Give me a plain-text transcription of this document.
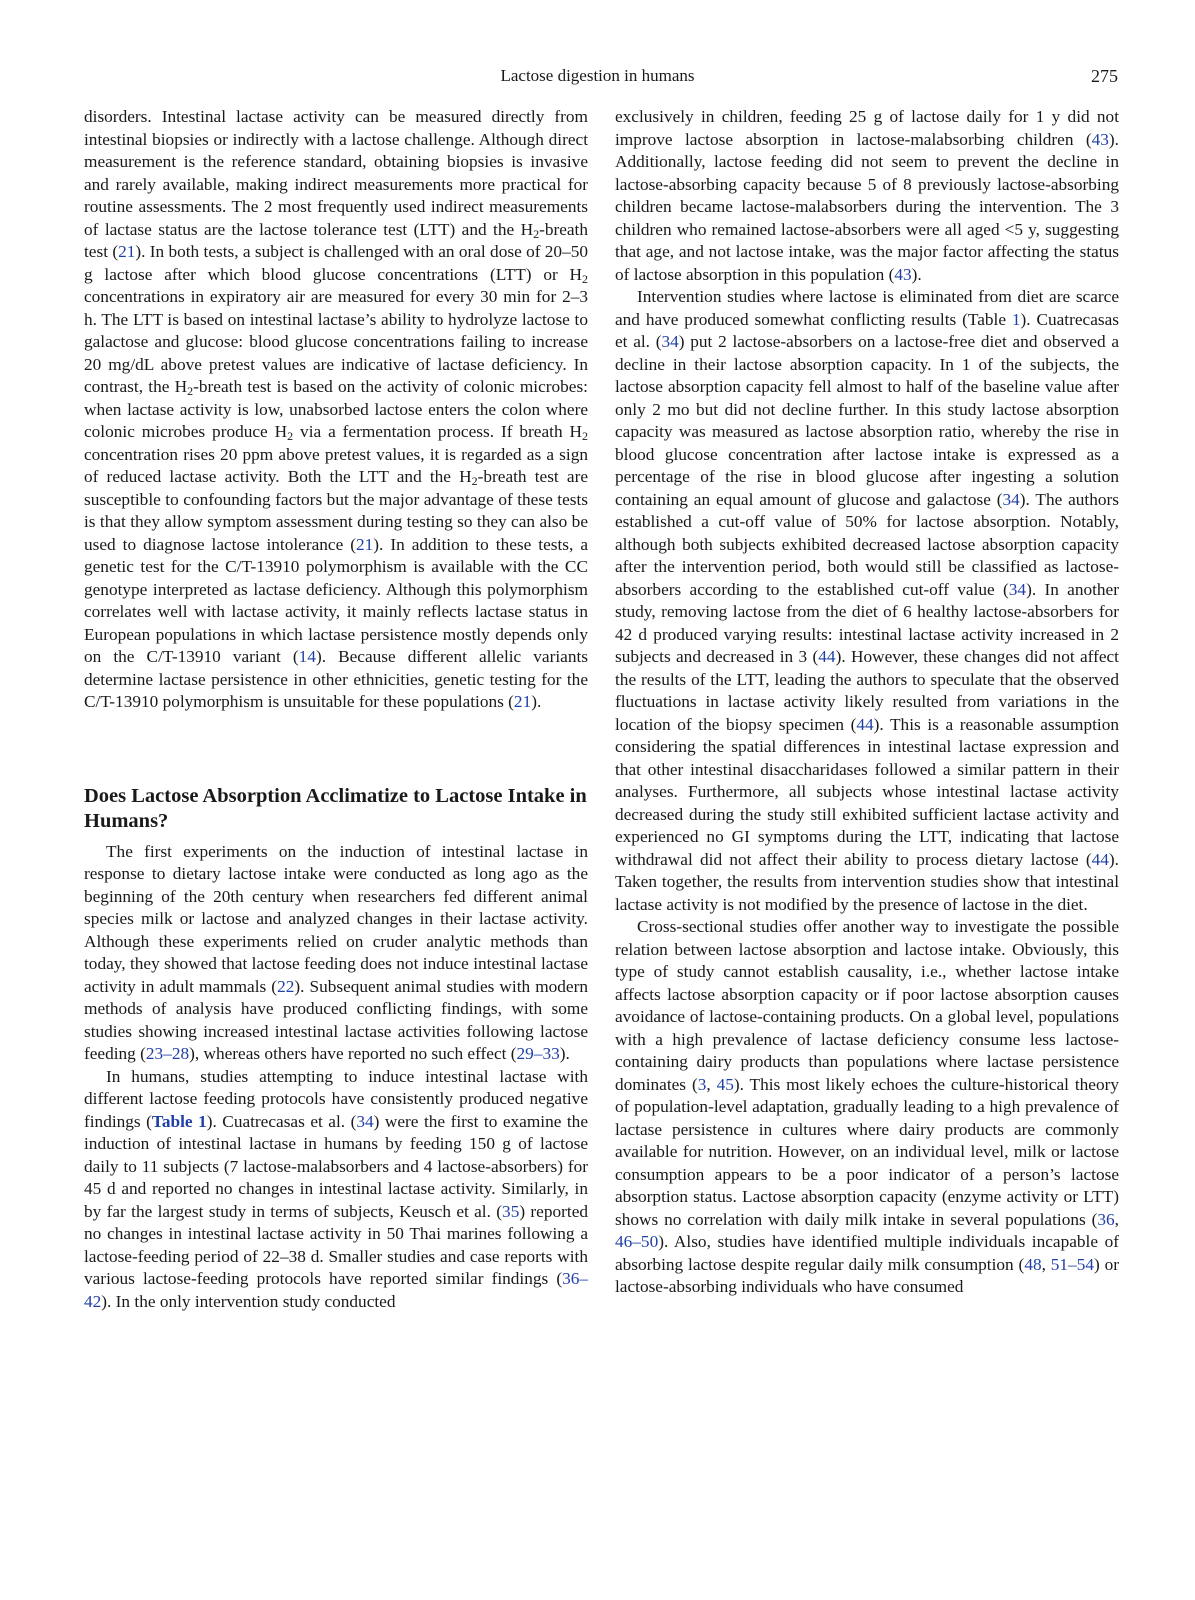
Lactose digestion in humans	275

disorders. Intestinal lactase activity can be measured directly from intestinal biopsies or indirectly with a lactose challenge. Although direct measurement is the reference standard, obtaining biopsies is invasive and rarely available, making indirect measurements more practical for routine assessments. The 2 most frequently used indirect measurements of lactase status are the lactose tolerance test (LTT) and the $H_2$-breath test (21). In both tests, a subject is challenged with an oral dose of 20–50 g lactose after which blood glucose concentrations (LTT) or $H_2$ concentrations in expiratory air are measured for every 30 min for 2–3 h. The LTT is based on intestinal lactase’s ability to hydrolyze lactose to galactose and glucose: blood glucose concentrations failing to increase 20 mg/dL above pretest values are indicative of lactase deficiency. In contrast, the $H_2$-breath test is based on the activity of colonic microbes: when lactase activity is low, unabsorbed lactose enters the colon where colonic microbes produce $H_2$ via a fermentation process. If breath $H_2$ concentration rises 20 ppm above pretest values, it is regarded as a sign of reduced lactase activity. Both the LTT and the $H_2$-breath test are susceptible to confounding factors but the major advantage of these tests is that they allow symptom assessment during testing so they can also be used to diagnose lactose intolerance (21). In addition to these tests, a genetic test for the C/T-13910 polymorphism is available with the CC genotype interpreted as lactase deficiency. Although this polymorphism correlates well with lactase activity, it mainly reflects lactase status in European populations in which lactase persistence mostly depends only on the C/T-13910 variant (14). Because different allelic variants determine lactase persistence in other ethnicities, genetic testing for the C/T-13910 polymorphism is unsuitable for these populations (21).

Does Lactose Absorption Acclimatize to Lactose Intake in Humans?

The first experiments on the induction of intestinal lactase in response to dietary lactose intake were conducted as long ago as the beginning of the 20th century when researchers fed different animal species milk or lactose and analyzed changes in their lactase activity. Although these experiments relied on cruder analytic methods than today, they showed that lactose feeding does not induce intestinal lactase activity in adult mammals (22). Subsequent animal studies with modern methods of analysis have produced conflicting findings, with some studies showing increased intestinal lactase activities following lactose feeding (23–28), whereas others have reported no such effect (29–33).

In humans, studies attempting to induce intestinal lactase with different lactose feeding protocols have consistently produced negative findings (Table 1). Cuatrecasas et al. (34) were the first to examine the induction of intestinal lactase in humans by feeding 150 g of lactose daily to 11 subjects (7 lactose-malabsorbers and 4 lactose-absorbers) for 45 d and reported no changes in intestinal lactase activity. Similarly, in by far the largest study in terms of subjects, Keusch et al. (35) reported no changes in intestinal lactase activity in 50 Thai marines following a lactose-feeding period of 22–38 d. Smaller studies and case reports with various lactose-feeding protocols have reported similar findings (36–42). In the only intervention study conducted

exclusively in children, feeding 25 g of lactose daily for 1 y did not improve lactose absorption in lactose-malabsorbing children (43). Additionally, lactose feeding did not seem to prevent the decline in lactose-absorbing capacity because 5 of 8 previously lactose-absorbing children became lactose-malabsorbers during the intervention. The 3 children who remained lactose-absorbers were all aged <5 y, suggesting that age, and not lactose intake, was the major factor affecting the status of lactose absorption in this population (43).

Intervention studies where lactose is eliminated from diet are scarce and have produced somewhat conflicting results (Table 1). Cuatrecasas et al. (34) put 2 lactose-absorbers on a lactose-free diet and observed a decline in their lactose absorption capacity. In 1 of the subjects, the lactose absorption capacity fell almost to half of the baseline value after only 2 mo but did not decline further. In this study lactose absorption capacity was measured as lactose absorption ratio, whereby the rise in blood glucose concentration after lactose intake is expressed as a percentage of the rise in blood glucose after ingesting a solution containing an equal amount of glucose and galactose (34). The authors established a cut-off value of 50% for lactose absorption. Notably, although both subjects exhibited decreased lactose absorption capacity after the intervention period, both would still be classified as lactose-absorbers according to the established cut-off value (34). In another study, removing lactose from the diet of 6 healthy lactose-absorbers for 42 d produced varying results: intestinal lactase activity increased in 2 subjects and decreased in 3 (44). However, these changes did not affect the results of the LTT, leading the authors to speculate that the observed fluctuations in lactase activity likely resulted from variations in the location of the biopsy specimen (44). This is a reasonable assumption considering the spatial differences in intestinal lactase expression and that other intestinal disaccharidases followed a similar pattern in their analyses. Furthermore, all subjects whose intestinal lactase activity decreased during the study still exhibited sufficient lactase activity and experienced no GI symptoms during the LTT, indicating that lactose withdrawal did not affect their ability to process dietary lactose (44). Taken together, the results from intervention studies show that intestinal lactase activity is not modified by the presence of lactose in the diet.

Cross-sectional studies offer another way to investigate the possible relation between lactose absorption and lactose intake. Obviously, this type of study cannot establish causality, i.e., whether lactose intake affects lactose absorption capacity or if poor lactose absorption causes avoidance of lactose-containing products. On a global level, populations with a high prevalence of lactase deficiency consume less lactose-containing dairy products than populations where lactase persistence dominates (3, 45). This most likely echoes the culture-historical theory of population-level adaptation, gradually leading to a high prevalence of lactase persistence in cultures where dairy products are commonly available for nutrition. However, on an individual level, milk or lactose consumption appears to be a poor indicator of a person’s lactose absorption status. Lactose absorption capacity (enzyme activity or LTT) shows no correlation with daily milk intake in several populations (36, 46–50). Also, studies have identified multiple individuals incapable of absorbing lactose despite regular daily milk consumption (48, 51–54) or lactose-absorbing individuals who have consumed
